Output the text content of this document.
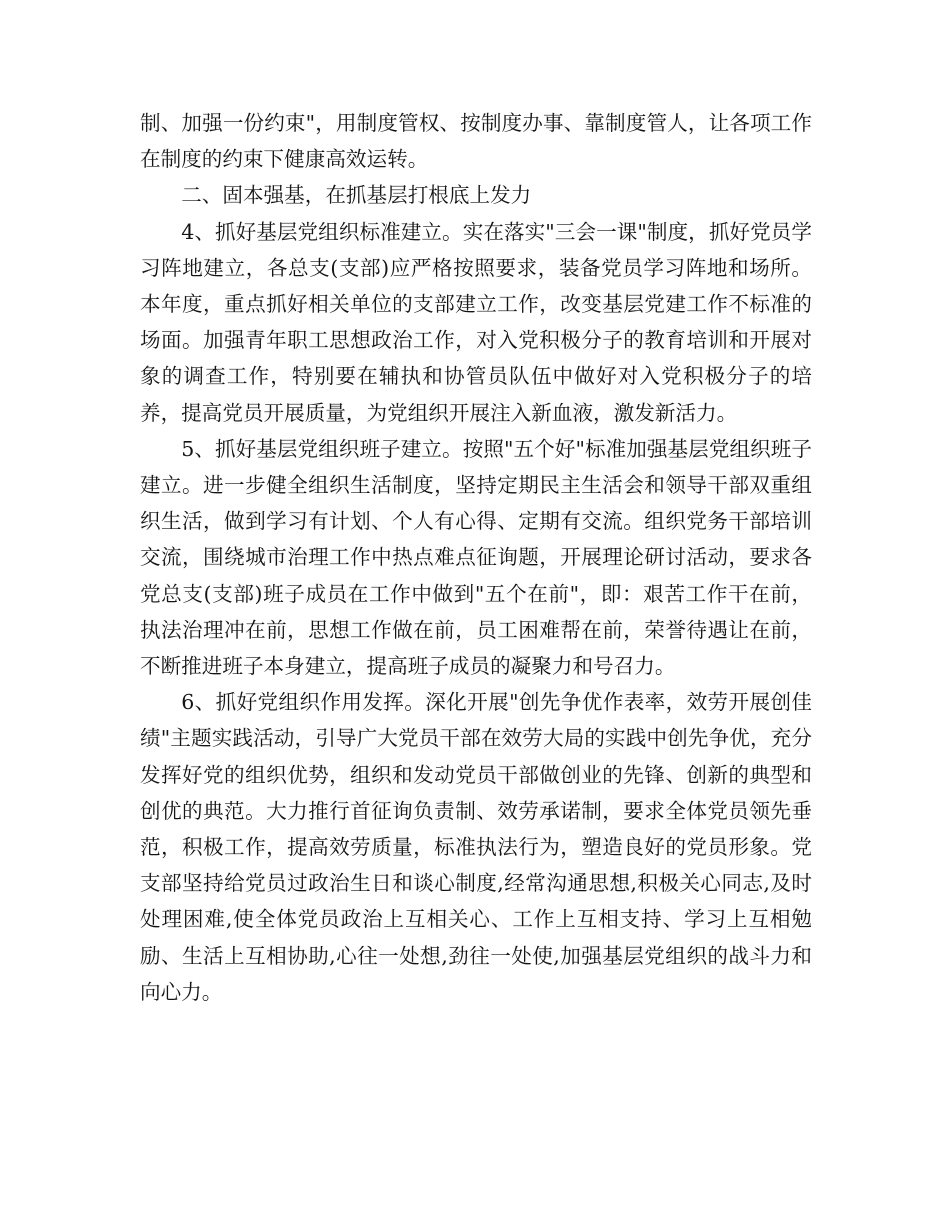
制、加强一份约束"，用制度管权、按制度办事、靠制度管人，让各项工作在制度的约束下健康高效运转。

二、固本强基，在抓基层打根底上发力

4、抓好基层党组织标准建立。实在落实"三会一课"制度，抓好党员学习阵地建立，各总支(支部)应严格按照要求，装备党员学习阵地和场所。本年度，重点抓好相关单位的支部建立工作，改变基层党建工作不标准的场面。加强青年职工思想政治工作，对入党积极分子的教育培训和开展对象的调查工作，特别要在辅执和协管员队伍中做好对入党积极分子的培养，提高党员开展质量，为党组织开展注入新血液，激发新活力。

5、抓好基层党组织班子建立。按照"五个好"标准加强基层党组织班子建立。进一步健全组织生活制度，坚持定期民主生活会和领导干部双重组织生活，做到学习有计划、个人有心得、定期有交流。组织党务干部培训交流，围绕城市治理工作中热点难点征询题，开展理论研讨活动，要求各党总支(支部)班子成员在工作中做到"五个在前"，即：艰苦工作干在前，执法治理冲在前，思想工作做在前，员工困难帮在前，荣誉待遇让在前，不断推进班子本身建立，提高班子成员的凝聚力和号召力。

6、抓好党组织作用发挥。深化开展"创先争优作表率，效劳开展创佳绩"主题实践活动，引导广大党员干部在效劳大局的实践中创先争优，充分发挥好党的组织优势，组织和发动党员干部做创业的先锋、创新的典型和创优的典范。大力推行首征询负责制、效劳承诺制，要求全体党员领先垂范，积极工作，提高效劳质量，标准执法行为，塑造良好的党员形象。党支部坚持给党员过政治生日和谈心制度,经常沟通思想,积极关心同志,及时处理困难,使全体党员政治上互相关心、工作上互相支持、学习上互相勉励、生活上互相协助,心往一处想,劲往一处使,加强基层党组织的战斗力和向心力。
